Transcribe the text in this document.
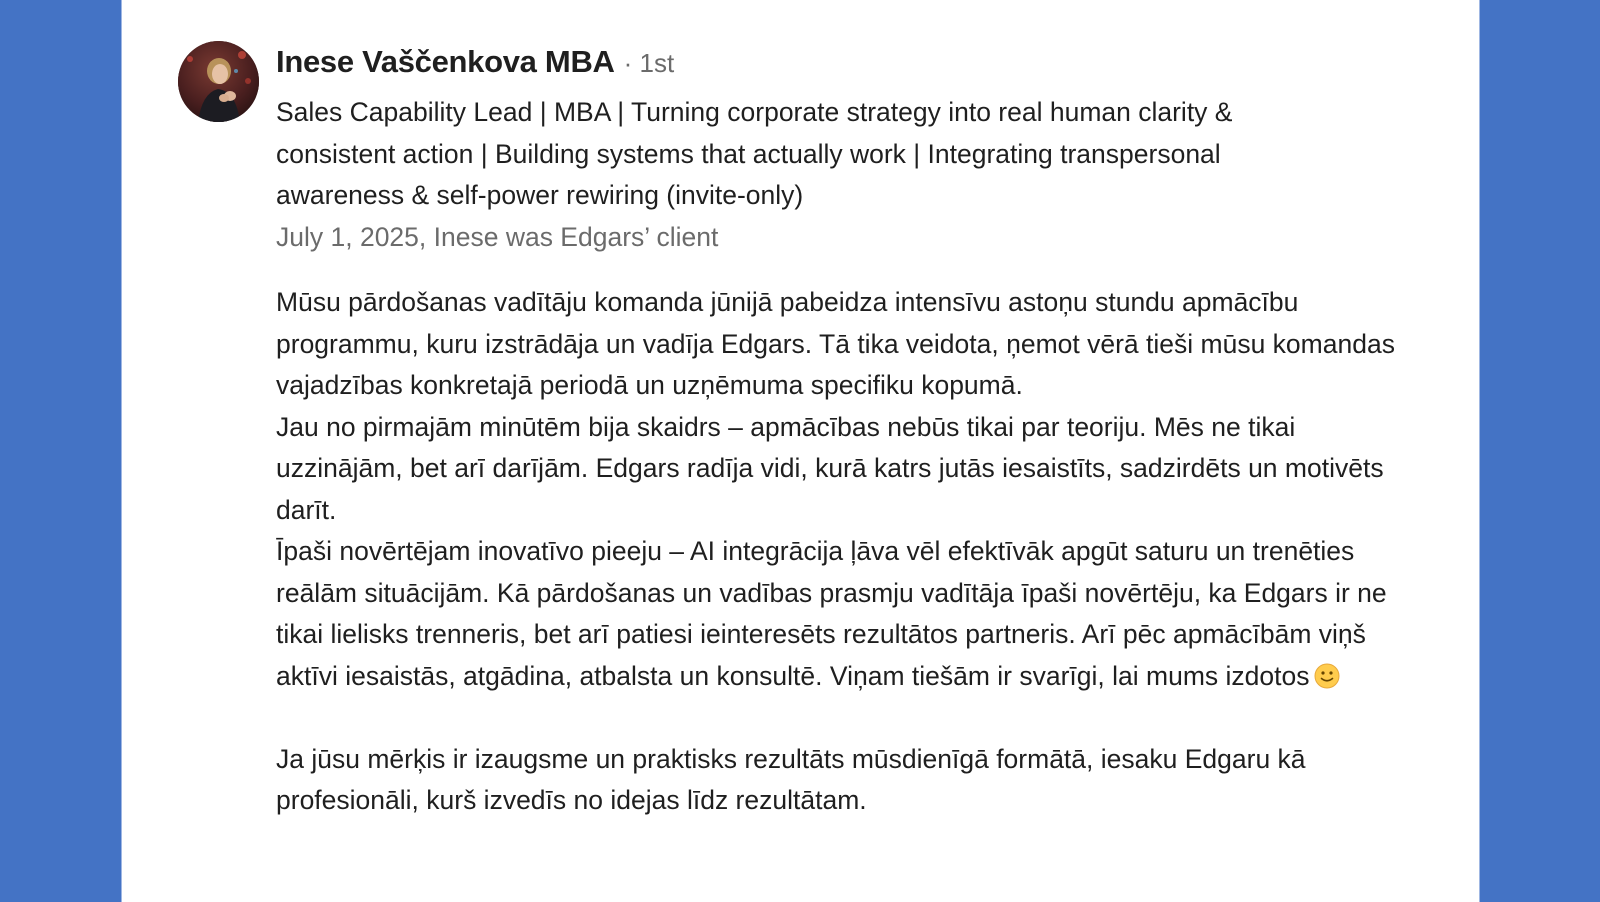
Inese Vaščenkova MBA · 1st
Sales Capability Lead | MBA | Turning corporate strategy into real human clarity & consistent action | Building systems that actually work | Integrating transpersonal awareness & self-power rewiring (invite-only)
July 1, 2025, Inese was Edgars’ client

Mūsu pārdošanas vadītāju komanda jūnijā pabeidza intensīvu astoņu stundu apmācību programmu, kuru izstrādāja un vadīja Edgars. Tā tika veidota, ņemot vērā tieši mūsu komandas vajadzības konkretajā periodā un uzņēmuma specifiku kopumā.

Jau no pirmajām minūtēm bija skaidrs – apmācības nebūs tikai par teoriju. Mēs ne tikai uzzinājām, bet arī darījām. Edgars radīja vidi, kurā katrs jutās iesaistīts, sadzirdēts un motivēts darīt.

Īpaši novērtējam inovatīvo pieeju – AI integrācija ļāva vēl efektīvāk apgūt saturu un trenēties reālām situācijām. Kā pārdošanas un vadības prasmju vadītāja īpaši novērtēju, ka Edgars ir ne tikai lielisks trenneris, bet arī patiesi ieinteresēts rezultātos partneris. Arī pēc apmācībām viņš aktīvi iesaistās, atgādina, atbalsta un konsultē. Viņam tiešām ir svarīgi, lai mums izdotos

Ja jūsu mērķis ir izaugsme un praktisks rezultāts mūsdienīgā formātā, iesaku Edgaru kā profesionāli, kurš izvedīs no idejas līdz rezultātam.
